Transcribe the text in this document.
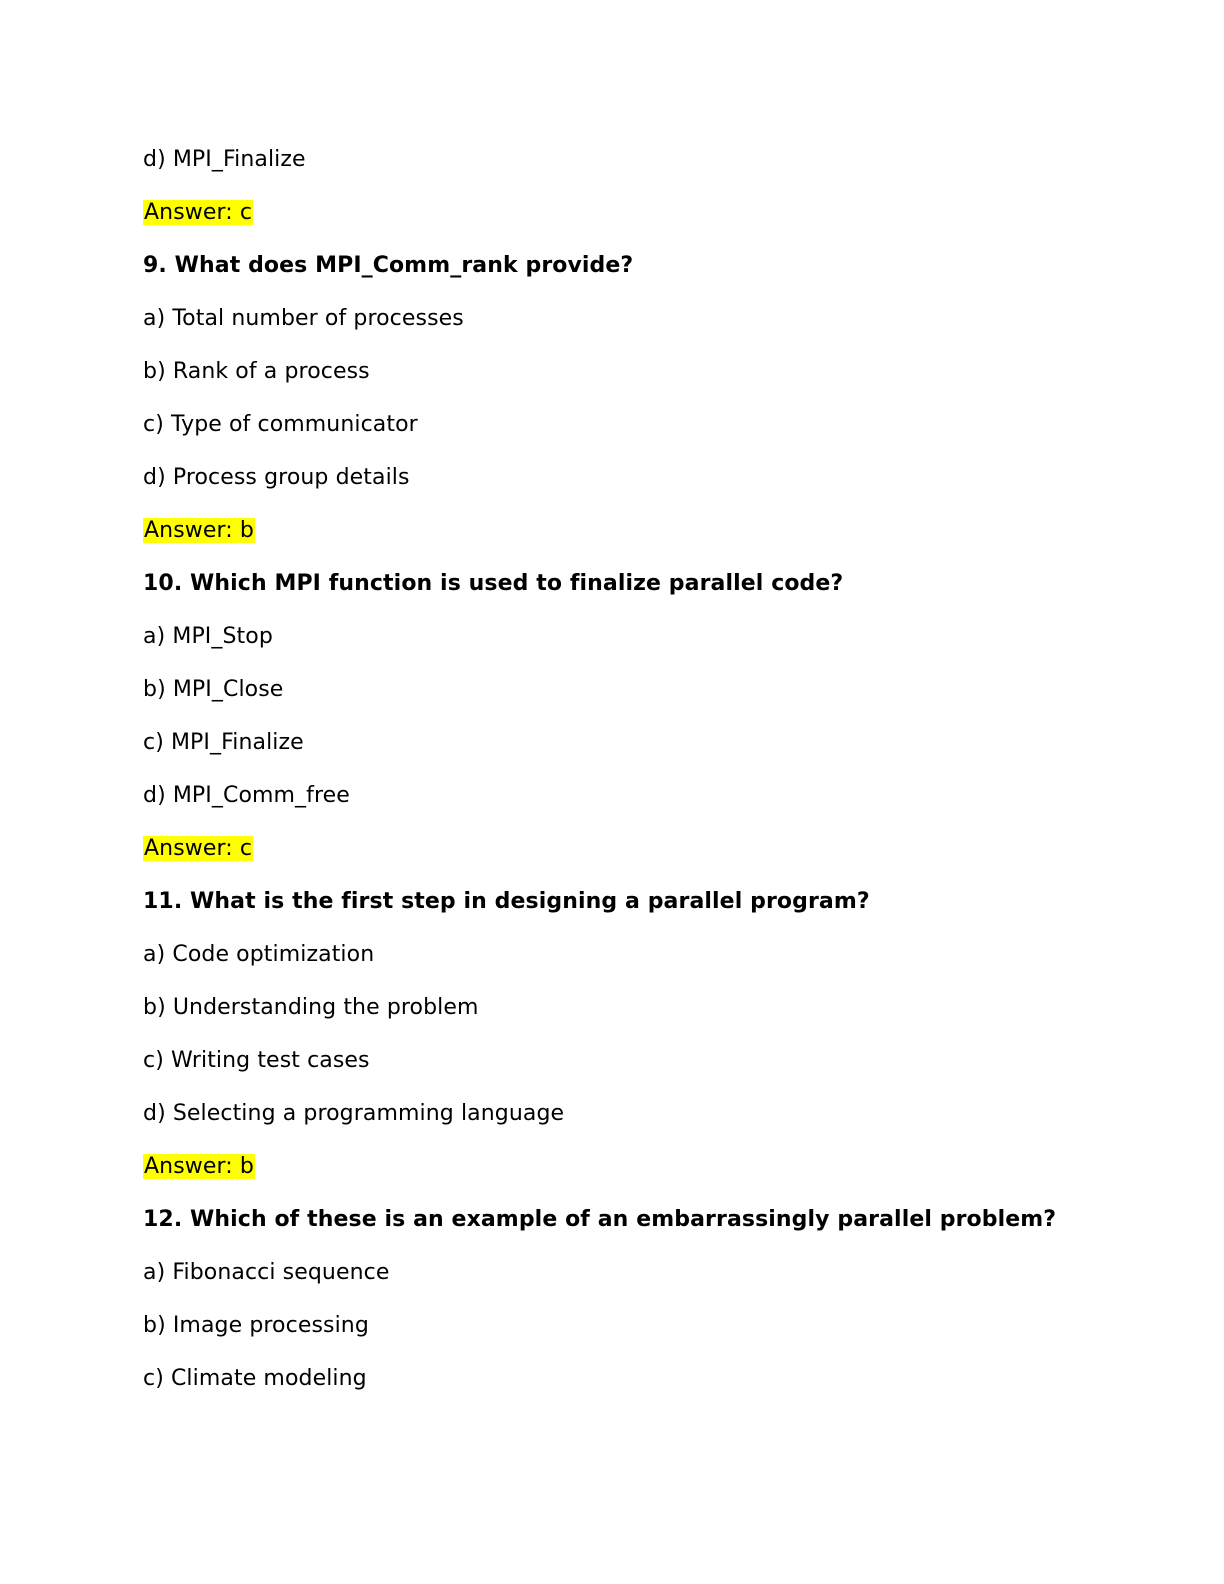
d) MPI_Finalize
Answer: c
9. What does MPI_Comm_rank provide?
a) Total number of processes
b) Rank of a process
c) Type of communicator
d) Process group details
Answer: b
10. Which MPI function is used to finalize parallel code?
a) MPI_Stop
b) MPI_Close
c) MPI_Finalize
d) MPI_Comm_free
Answer: c
11. What is the first step in designing a parallel program?
a) Code optimization
b) Understanding the problem
c) Writing test cases
d) Selecting a programming language
Answer: b
12. Which of these is an example of an embarrassingly parallel problem?
a) Fibonacci sequence
b) Image processing
c) Climate modeling
